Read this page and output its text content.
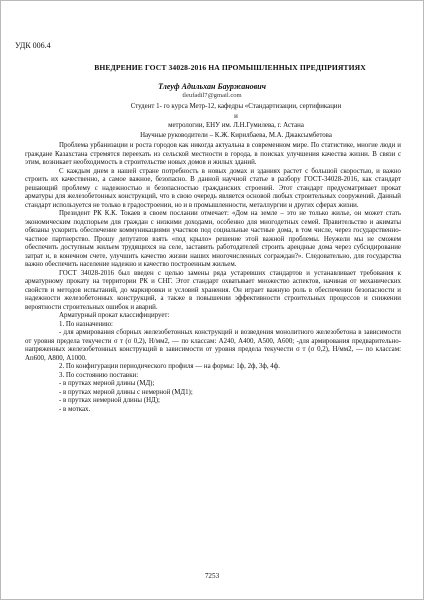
УДК 006.4
ВНЕДРЕНИЕ ГОСТ 34028-2016 НА ПРОМЫШЛЕННЫХ ПРЕДПРИЯТИЯХ
Тлеуф Адильхан Бауржанович
tleufadil7@gmail.com
Студент 1- го курса Метр-12, кафедры «Стандартизации, сертификации и
метрологии, ЕНУ им. Л.Н.Гумилева, г. Астана
Научные руководители – К.Ж. Кирилбаева, М.А. Джаксымбетова

Проблема урбанизации и роста городов как никогда актуальна в современном мире. По статистике, многие люди и граждане Казахстана стремятся переехать из сельской местности в города, в поисках улучшения качества жизни. В связи с этим, возникает необходимость в строительстве новых домов и жилых зданий.

С каждым днем в нашей стране потребность в новых домах и зданиях растет с большой скоростью, и важно строить их качественно, а самое важное, безопасно. В данной научной статье в разбору ГОСТ-34028-2016, как стандарт решающий проблему с надежностью и безопасностью гражданских строений. Этот стандарт предусматривает прокат арматуры для железобетонных конструкций, что в свою очередь является основой любых строительных сооружений. Данный стандарт используется не только в градостроении, но и в промышленности, металлургии и других сферах жизни.

Президент РК К.К. Токаев в своем послании отмечает: «Дом на земле – это не только жилье, он может стать экономическим подспорьем для граждан с низкими доходами, особенно для многодетных семей. Правительство и акиматы обязаны ускорить обеспечение коммуникациями участков под социальные частные дома, в том числе, через государственно-частное партнерство. Прошу депутатов взять «под крыло» решение этой важной проблемы. Неужели мы не сможем обеспечить доступным жильем трудящихся на селе, заставить работодателей строить арендные дома через субсидирование затрат и, в конечном счете, улучшить качество жизни наших многочисленных сограждан?». Следовательно, для государства важно обеспечить население надежно и качество построенным жильем.

ГОСТ 34028-2016 был введен с целью замены ряда устаревших стандартов и устанавливает требования к арматурному прокату на территории РК и СНГ. Этот стандарт охватывает множество аспектов, начиная от механических свойств и методов испытаний, до маркировки и условий хранения. Он играет важную роль в обеспечении безопасности и надежности железобетонных конструкций, а также в повышении эффективности строительных процессов и снижении вероятности строительных ошибок и аварий.

Арматурный прокат классифицирует:

1. По назначению:

- для армирования сборных железобетонных конструкций и возведения монолитного железобетона в зависимости от уровня предела текучести σ т (σ 0,2), Н/мм2, — по классам: А240, А400, А500, А600; -для армирования предварительно-напряженных железобетонных конструкций в зависимости от уровня предела текучести σ т (σ 0,2), Н/мм2, — по классам: Ап600, А800, А1000.

2. По конфигурации периодического профиля — на формы: 1ф, 2ф, 3ф, 4ф.

3. По состоянию поставки:

- в прутках мерной длины (МД);

- в прутках мерной длины с немерной (МД1);

- в прутках немерной длины (НД);

- в мотках.

7253
